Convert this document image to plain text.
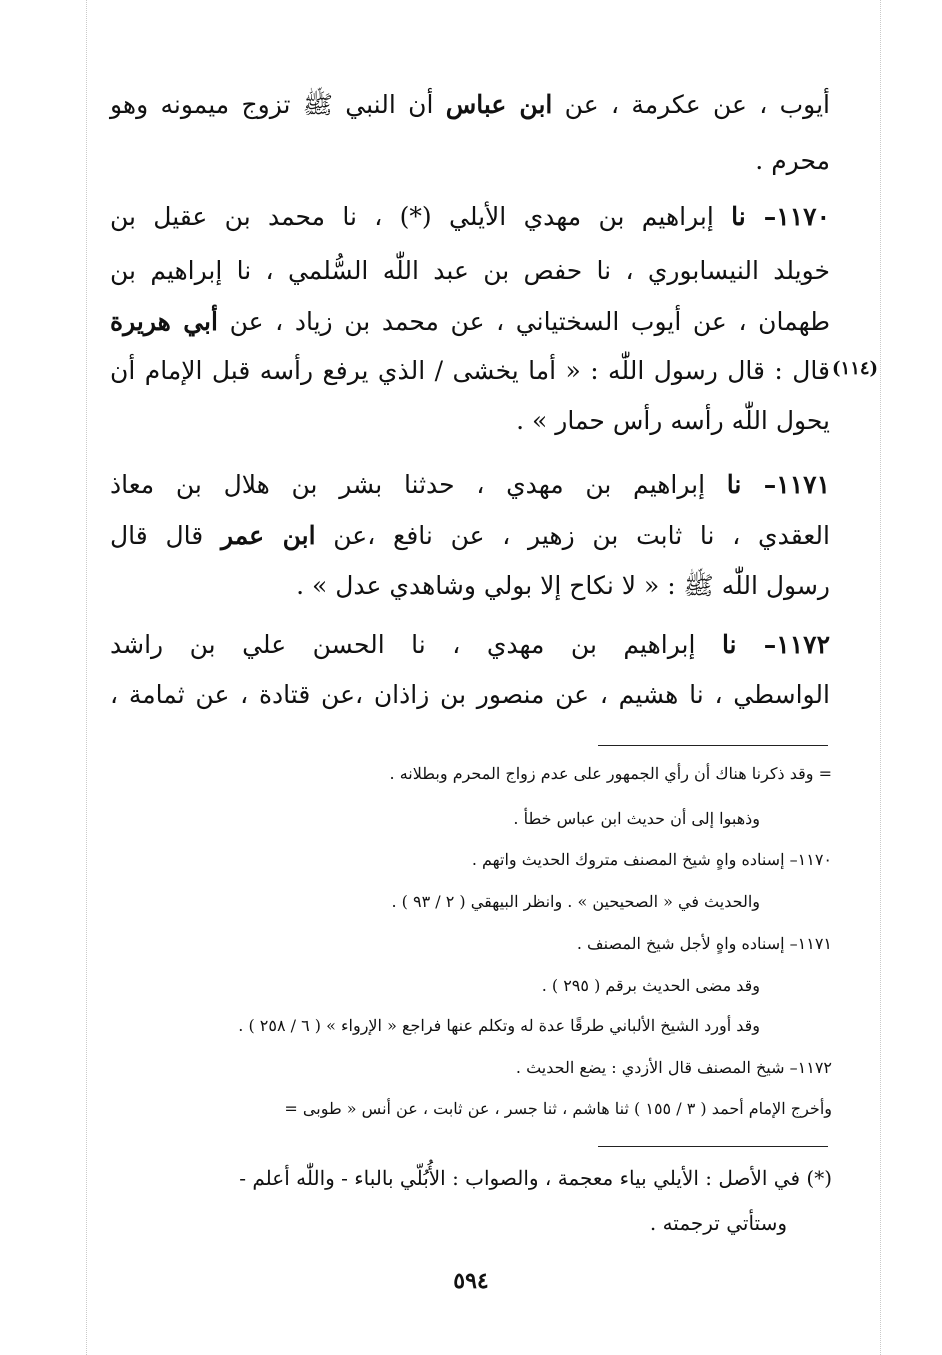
أيوب ، عن عكرمة ، عن ابن عباس أن النبي ﷺ تزوج ميمونه وهو
محرم .
١١٧٠– نا إبراهيم بن مهدي الأيلي (*) ، نا محمد بن عقيل بن
خويلد النيسابوري ، نا حفص بن عبد اللّٰه السُّلمي ، نا إبراهيم بن
طهمان ، عن أيوب السختياني ، عن محمد بن زياد ، عن أبي هريرة
قال : قال رسول اللّٰه : « أما يخشى / الذي يرفع رأسه قبل الإمام أن (١١٤)
يحول اللّٰه رأسه رأس حمار » .
١١٧١– نا إبراهيم بن مهدي ، حدثنا بشر بن هلال بن معاذ
العقدي ، نا ثابت بن زهير ، عن نافع ،عن ابن عمر قال قال
رسول اللّٰه ﷺ : « لا نكاح إلا بولي وشاهدي عدل » .
١١٧٢– نا إبراهيم بن مهدي ، نا الحسن علي بن راشد
الواسطي ، نا هشيم ، عن منصور بن زاذان ،عن قتادة ، عن ثمامة ،
= وقد ذكرنا هناك أن رأي الجمهور على عدم زواج المحرم وبطلانه .
وذهبوا إلى أن حديث ابن عباس خطأ .
١١٧٠– إسناده واهٍ شيخ المصنف متروك الحديث واتهم .
والحديث في « الصحيحين » . وانظر البيهقي ( ٢ / ٩٣ ) .
١١٧١– إسناده واهٍ لأجل شيخ المصنف .
وقد مضى الحديث برقم ( ٢٩٥ ) .
وقد أورد الشيخ الألباني طرقًا عدة له وتكلم عنها فراجع « الإرواء » ( ٦ / ٢٥٨ ) .
١١٧٢– شيخ المصنف قال الأزدي : يضع الحديث .
وأخرج الإمام أحمد ( ٣ / ١٥٥ ) ثنا هاشم ، ثنا جسر ، عن ثابت ، عن أنس « طوبى =
(*) في الأصل : الأيلي بياء معجمة ، والصواب : الأُبُلّي بالباء - واللّٰه أعلم -
وستأتي ترجمته .
٥٩٤
